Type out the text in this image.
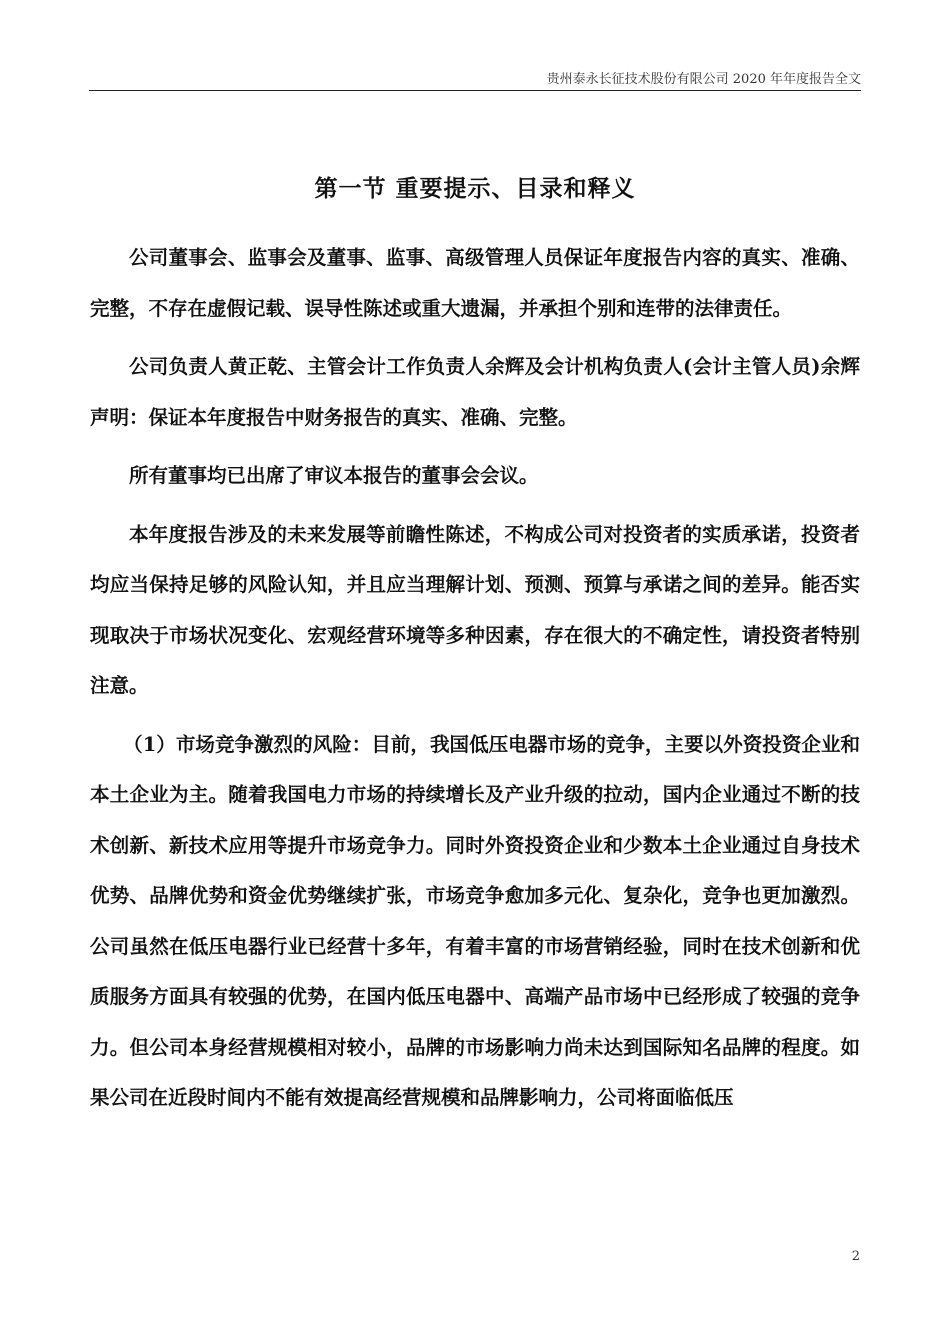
贵州泰永长征技术股份有限公司 2020 年年度报告全文
第一节 重要提示、目录和释义

公司董事会、监事会及董事、监事、高级管理人员保证年度报告内容的真实、准确、完整，不存在虚假记载、误导性陈述或重大遗漏，并承担个别和连带的法律责任。

公司负责人黄正乾、主管会计工作负责人余辉及会计机构负责人(会计主管人员)余辉声明：保证本年度报告中财务报告的真实、准确、完整。

所有董事均已出席了审议本报告的董事会会议。

本年度报告涉及的未来发展等前瞻性陈述，不构成公司对投资者的实质承诺，投资者均应当保持足够的风险认知，并且应当理解计划、预测、预算与承诺之间的差异。能否实现取决于市场状况变化、宏观经营环境等多种因素，存在很大的不确定性，请投资者特别注意。

（1）市场竞争激烈的风险：目前，我国低压电器市场的竞争，主要以外资投资企业和本土企业为主。随着我国电力市场的持续增长及产业升级的拉动，国内企业通过不断的技术创新、新技术应用等提升市场竞争力。同时外资投资企业和少数本土企业通过自身技术优势、品牌优势和资金优势继续扩张，市场竞争愈加多元化、复杂化，竞争也更加激烈。公司虽然在低压电器行业已经营十多年，有着丰富的市场营销经验，同时在技术创新和优质服务方面具有较强的优势，在国内低压电器中、高端产品市场中已经形成了较强的竞争力。但公司本身经营规模相对较小，品牌的市场影响力尚未达到国际知名品牌的程度。如果公司在近段时间内不能有效提高经营规模和品牌影响力，公司将面临低压

2
